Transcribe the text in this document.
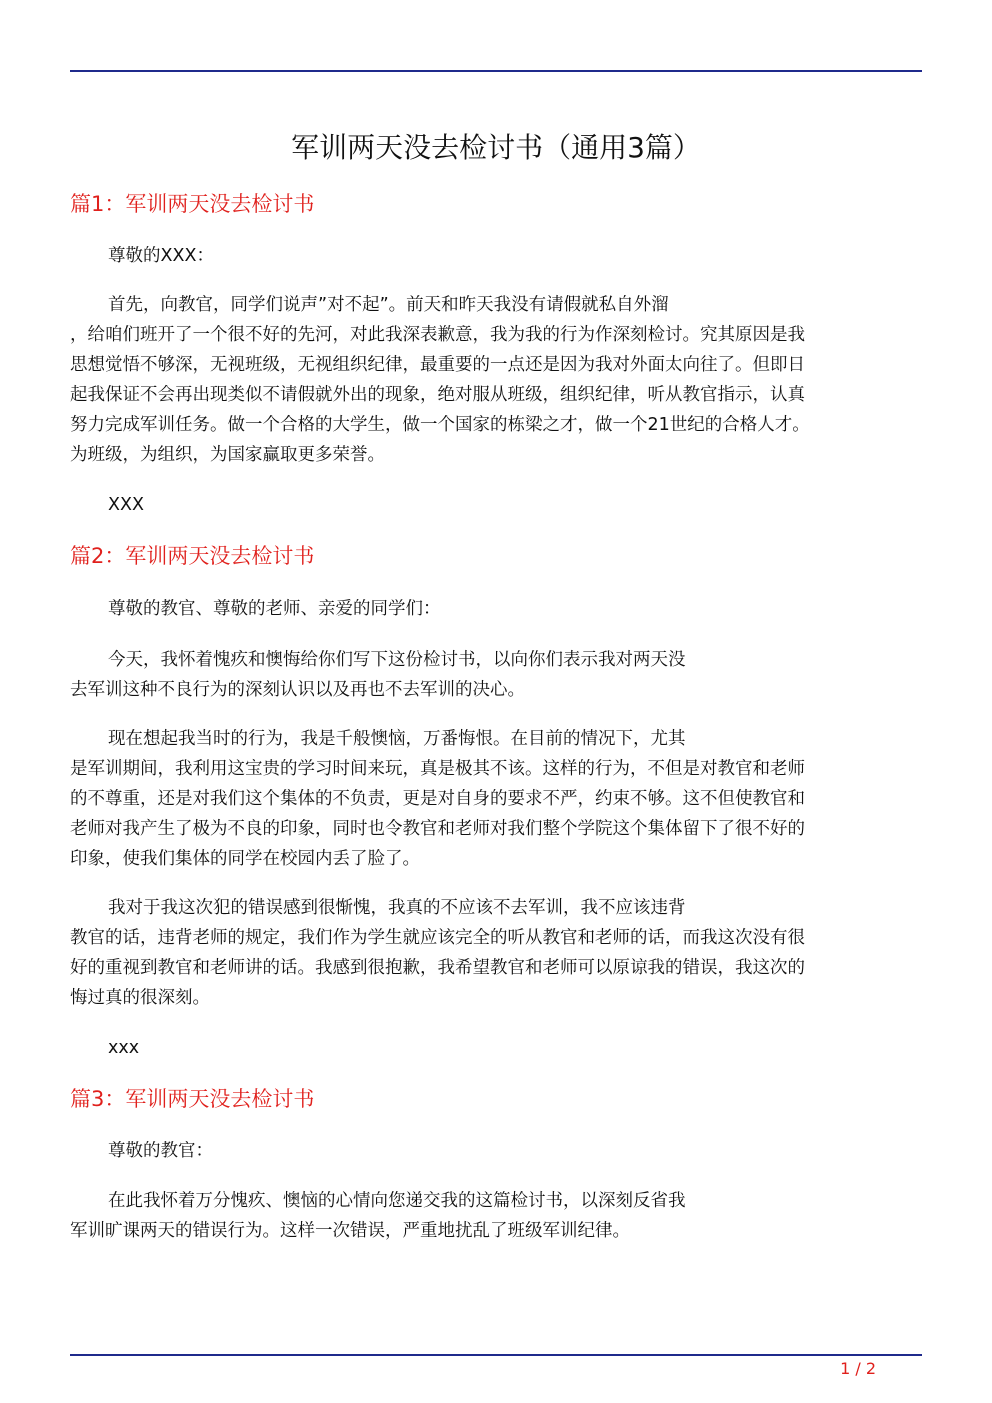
军训两天没去检讨书（通用3篇）
篇1：军训两天没去检讨书
尊敬的XXX：
首先，向教官，同学们说声”对不起”。前天和昨天我没有请假就私自外溜
，给咱们班开了一个很不好的先河，对此我深表歉意，我为我的行为作深刻检讨。究其原因是我
思想觉悟不够深，无视班级，无视组织纪律，最重要的一点还是因为我对外面太向往了。但即日
起我保证不会再出现类似不请假就外出的现象，绝对服从班级，组织纪律，听从教官指示，认真
努力完成军训任务。做一个合格的大学生，做一个国家的栋梁之才，做一个21世纪的合格人才。
为班级，为组织，为国家赢取更多荣誉。
XXX
篇2：军训两天没去检讨书
尊敬的教官、尊敬的老师、亲爱的同学们：
今天，我怀着愧疚和懊悔给你们写下这份检讨书，以向你们表示我对两天没
去军训这种不良行为的深刻认识以及再也不去军训的决心。
现在想起我当时的行为，我是千般懊恼，万番悔恨。在目前的情况下，尤其
是军训期间，我利用这宝贵的学习时间来玩，真是极其不该。这样的行为，不但是对教官和老师
的不尊重，还是对我们这个集体的不负责，更是对自身的要求不严，约束不够。这不但使教官和
老师对我产生了极为不良的印象，同时也令教官和老师对我们整个学院这个集体留下了很不好的
印象，使我们集体的同学在校园内丢了脸了。
我对于我这次犯的错误感到很惭愧，我真的不应该不去军训，我不应该违背
教官的话，违背老师的规定，我们作为学生就应该完全的听从教官和老师的话，而我这次没有很
好的重视到教官和老师讲的话。我感到很抱歉，我希望教官和老师可以原谅我的错误，我这次的
悔过真的很深刻。
xxx
篇3：军训两天没去检讨书
尊敬的教官：
在此我怀着万分愧疚、懊恼的心情向您递交我的这篇检讨书，以深刻反省我
军训旷课两天的错误行为。这样一次错误，严重地扰乱了班级军训纪律。
1 / 2
